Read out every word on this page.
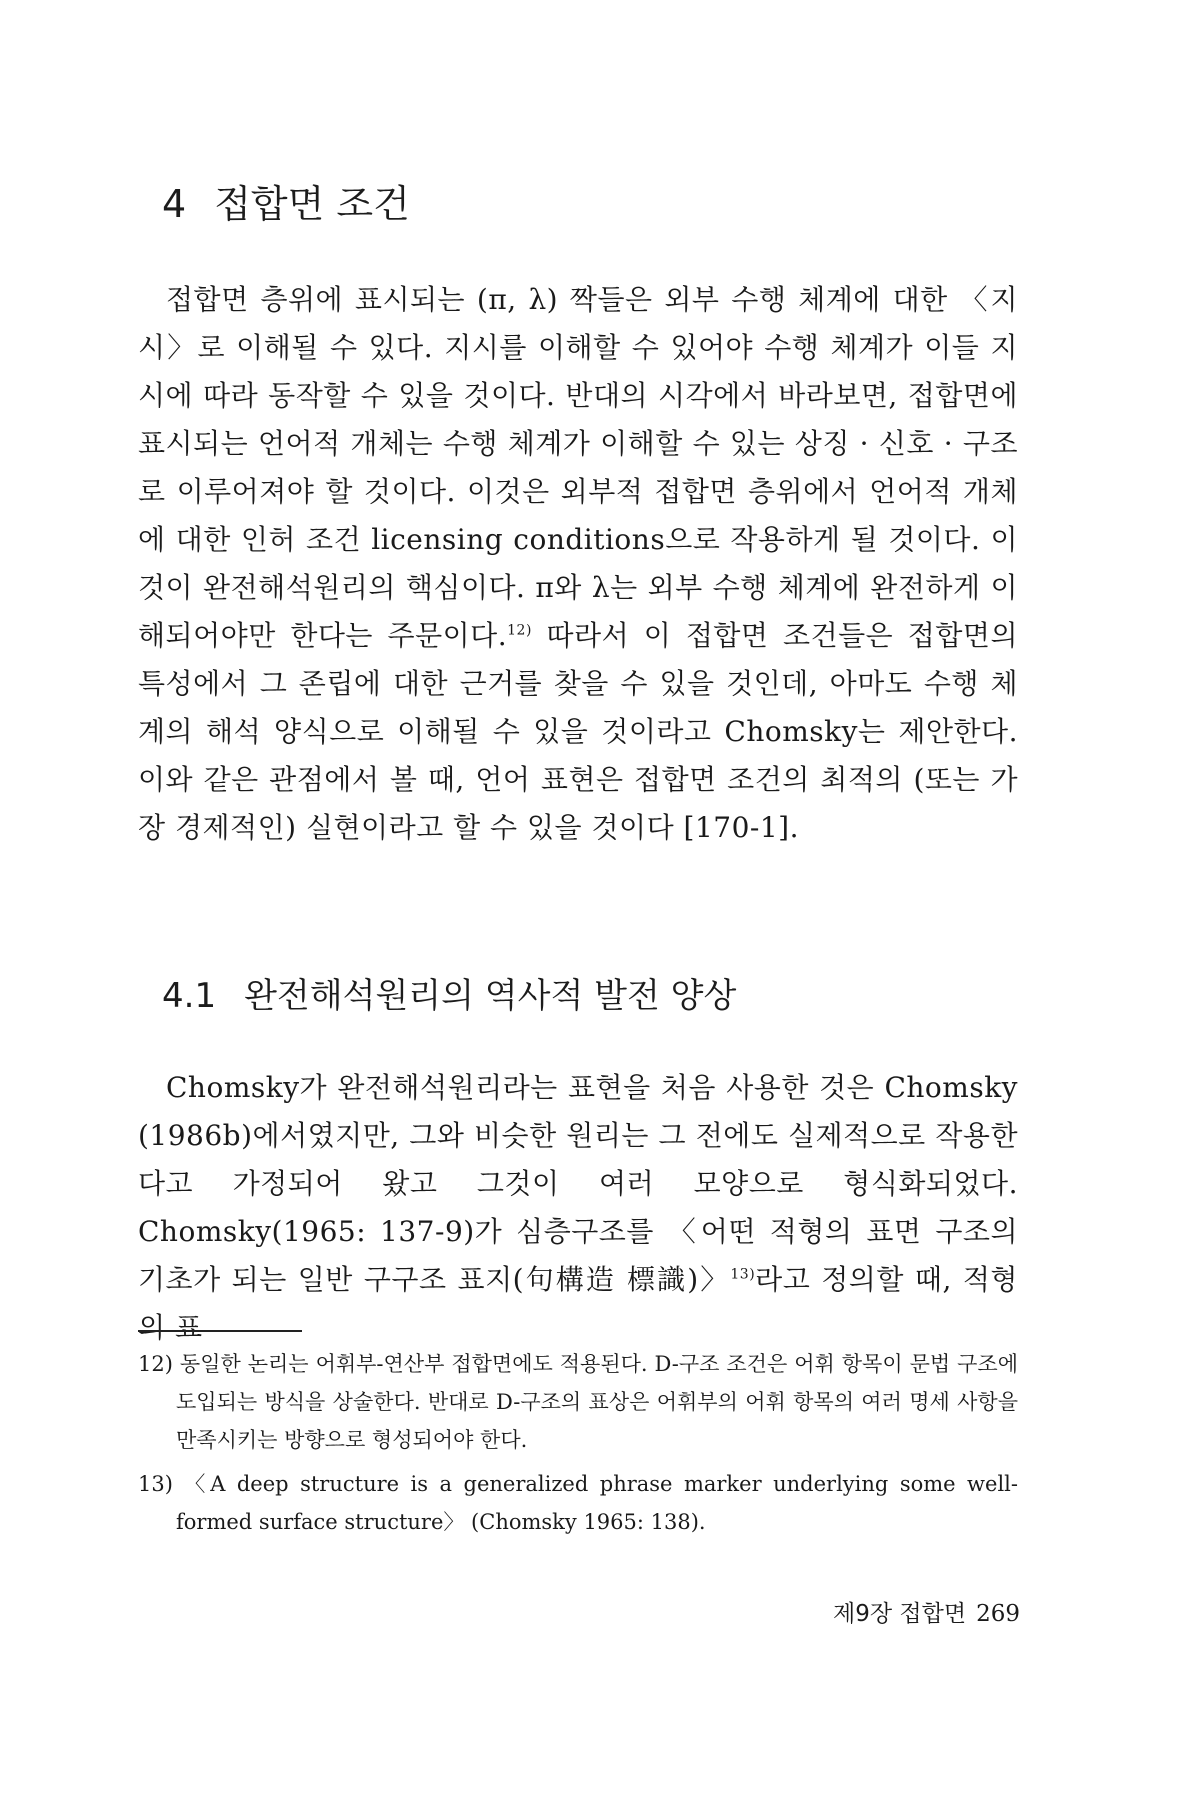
4 접합면 조건

접합면 층위에 표시되는 (π, λ) 짝들은 외부 수행 체계에 대한 〈지시〉로 이해될 수 있다. 지시를 이해할 수 있어야 수행 체계가 이들 지시에 따라 동작할 수 있을 것이다. 반대의 시각에서 바라보면, 접합면에 표시되는 언어적 개체는 수행 체계가 이해할 수 있는 상징 · 신호 · 구조로 이루어져야 할 것이다. 이것은 외부적 접합면 층위에서 언어적 개체에 대한 인허 조건 licensing conditions으로 작용하게 될 것이다. 이것이 완전해석원리의 핵심이다. π와 λ는 외부 수행 체계에 완전하게 이해되어야만 한다는 주문이다.$^{12)}$ 따라서 이 접합면 조건들은 접합면의 특성에서 그 존립에 대한 근거를 찾을 수 있을 것인데, 아마도 수행 체계의 해석 양식으로 이해될 수 있을 것이라고 Chomsky는 제안한다. 이와 같은 관점에서 볼 때, 언어 표현은 접합면 조건의 최적의 (또는 가장 경제적인) 실현이라고 할 수 있을 것이다 [170-1].

4.1 완전해석원리의 역사적 발전 양상

Chomsky가 완전해석원리라는 표현을 처음 사용한 것은 Chomsky (1986b)에서였지만, 그와 비슷한 원리는 그 전에도 실제적으로 작용한다고 가정되어 왔고 그것이 여러 모양으로 형식화되었다. Chomsky(1965: 137-9)가 심층구조를 〈어떤 적형의 표면 구조의 기초가 되는 일반 구구조 표지(句構造 標識)〉$^{13)}$라고 정의할 때, 적형의 표

12) 동일한 논리는 어휘부-연산부 접합면에도 적용된다. D-구조 조건은 어휘 항목이 문법 구조에 도입되는 방식을 상술한다. 반대로 D-구조의 표상은 어휘부의 어휘 항목의 여러 명세 사항을 만족시키는 방향으로 형성되어야 한다.

13) 〈A deep structure is a generalized phrase marker underlying some well-formed surface structure〉 (Chomsky 1965: 138).

제9장 접합면 269
